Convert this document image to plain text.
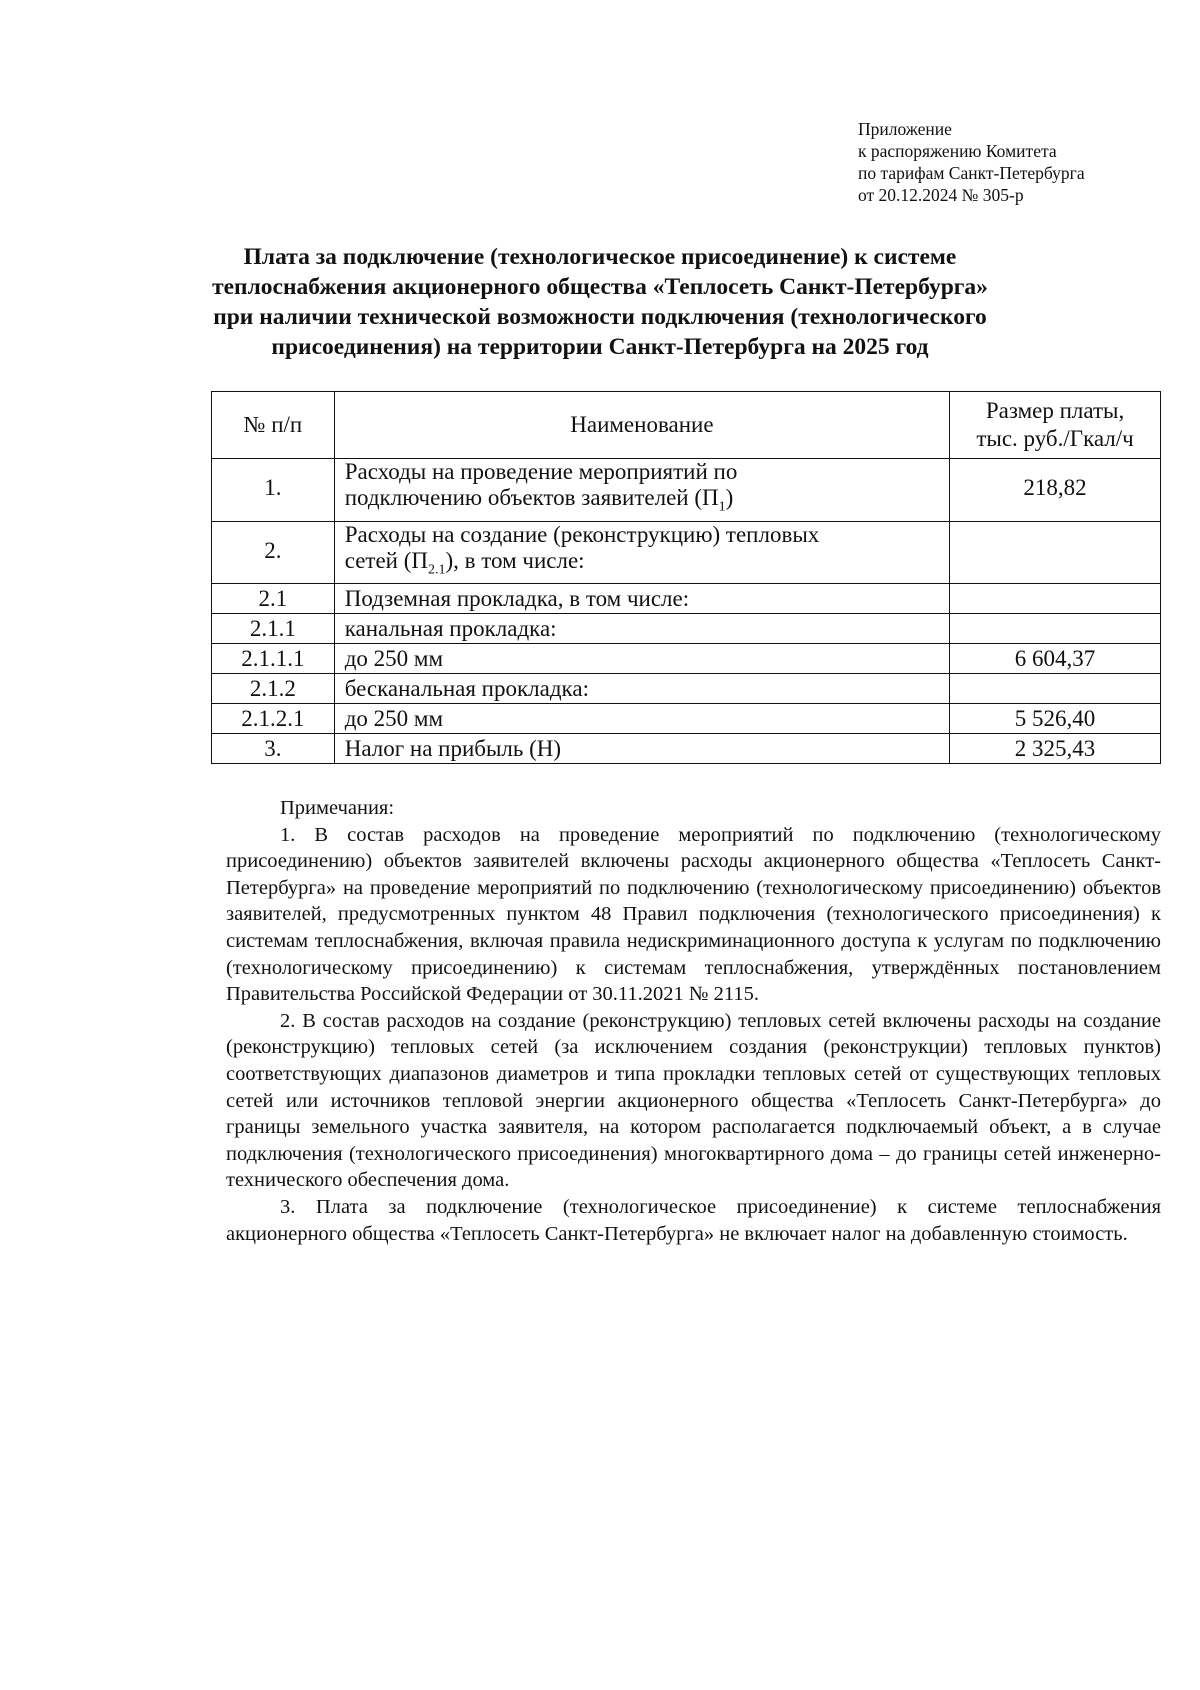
Приложение
к распоряжению Комитета
по тарифам Санкт-Петербурга
от 20.12.2024 № 305-р
Плата за подключение (технологическое присоединение) к системе
теплоснабжения акционерного общества «Теплосеть Санкт-Петербурга»
при наличии технической возможности подключения (технологического
присоединения) на территории Санкт-Петербурга на 2025 год
№ п/п	Наименование	Размер платы,
тыс. руб./Гкал/ч
1.	Расходы на проведение мероприятий по
подключению объектов заявителей $(П_1)$	218,82
2.	Расходы на создание (реконструкцию) тепловых
сетей $(П_{2.1})$, в том числе:	
2.1	Подземная прокладка, в том числе:	
2.1.1	канальная прокладка:	
2.1.1.1	до 250 мм	6 604,37
2.1.2	бесканальная прокладка:	
2.1.2.1	до 250 мм	5 526,40
3.	Налог на прибыль (Н)	2 325,43
Примечания:

1. В состав расходов на проведение мероприятий по подключению (технологическому присоединению) объектов заявителей включены расходы акционерного общества «Теплосеть Санкт-Петербурга» на проведение мероприятий по подключению (технологическому присоединению) объектов заявителей, предусмотренных пунктом 48 Правил подключения (технологического присоединения) к системам теплоснабжения, включая правила недискриминационного доступа к услугам по подключению (технологическому присоединению) к системам теплоснабжения, утверждённых постановлением Правительства Российской Федерации от 30.11.2021 № 2115.

2. В состав расходов на создание (реконструкцию) тепловых сетей включены расходы на создание (реконструкцию) тепловых сетей (за исключением создания (реконструкции) тепловых пунктов) соответствующих диапазонов диаметров и типа прокладки тепловых сетей от существующих тепловых сетей или источников тепловой энергии акционерного общества «Теплосеть Санкт-Петербурга» до границы земельного участка заявителя, на котором располагается подключаемый объект, а в случае подключения (технологического присоединения) многоквартирного дома – до границы сетей инженерно-технического обеспечения дома.

3. Плата за подключение (технологическое присоединение) к системе теплоснабжения акционерного общества «Теплосеть Санкт-Петербурга» не включает налог на добавленную стоимость.
